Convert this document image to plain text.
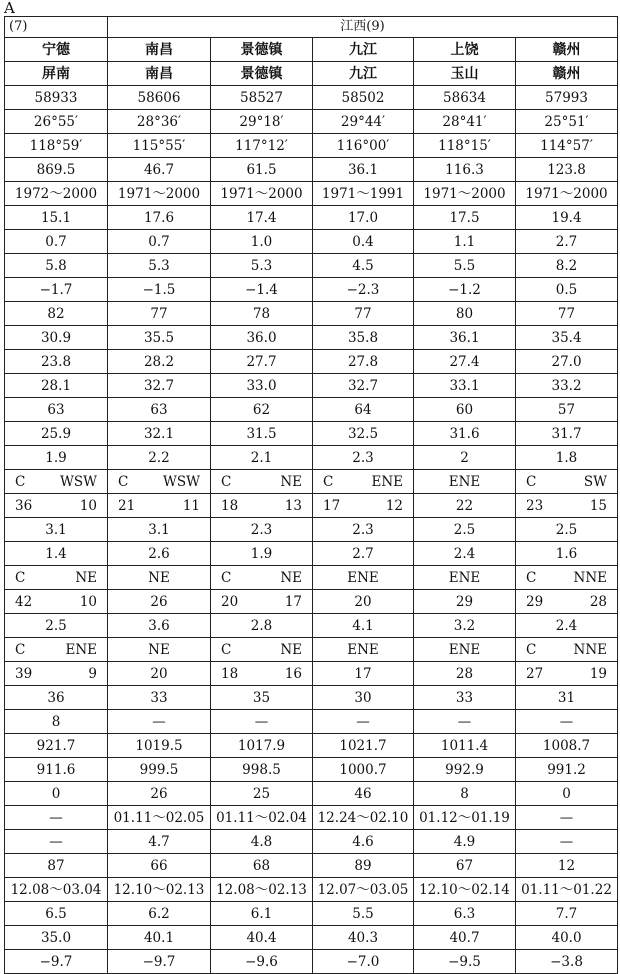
A
(7)	江西(9)				
宁德	南昌	景德镇	九江	上饶	赣州
屏南	南昌	景德镇	九江	玉山	赣州
58933	58606	58527	58502	58634	57993
26°55′	28°36′	29°18′	29°44′	28°41′	25°51′
118°59′	115°55′	117°12′	116°00′	118°15′	114°57′
869.5	46.7	61.5	36.1	116.3	123.8
1972～2000	1971～2000	1971～2000	1971～1991	1971～2000	1971～2000
15.1	17.6	17.4	17.0	17.5	19.4
0.7	0.7	1.0	0.4	1.1	2.7
5.8	5.3	5.3	4.5	5.5	8.2
−1.7	−1.5	−1.4	−2.3	−1.2	0.5
82	77	78	77	80	77
30.9	35.5	36.0	35.8	36.1	35.4
23.8	28.2	27.7	27.8	27.4	27.0
28.1	32.7	33.0	32.7	33.1	33.2
63	63	62	64	60	57
25.9	32.1	31.5	32.5	31.6	31.7
1.9	2.2	2.1	2.3	2	1.8

C WSW	C WSW	C NE	C ENE	ENE	C SW

36 10	21 11	18 13	17 12	22	23 15

3.1	3.1	2.3	2.3	2.5	2.5
1.4	2.6	1.9	2.7	2.4	1.6

C NE	NE	C NE	ENE	ENE	C NNE

42 10	26	20 17	20	29	29 28

2.5	3.6	2.8	4.1	3.2	2.4

C ENE	NE	C NE	ENE	ENE	C NNE

39 9	20	18 16	17	28	27 19

36	33	35	30	33	31
8	—	—	—	—	—
921.7	1019.5	1017.9	1021.7	1011.4	1008.7
911.6	999.5	998.5	1000.7	992.9	991.2
0	26	25	46	8	0
—	01.11～02.05	01.11～02.04	12.24～02.10	01.12～01.19	—
—	4.7	4.8	4.6	4.9	—
87	66	68	89	67	12
12.08～03.04	12.10～02.13	12.08～02.13	12.07～03.05	12.10～02.14	01.11～01.22
6.5	6.2	6.1	5.5	6.3	7.7
35.0	40.1	40.4	40.3	40.7	40.0
−9.7	−9.7	−9.6	−7.0	−9.5	−3.8
